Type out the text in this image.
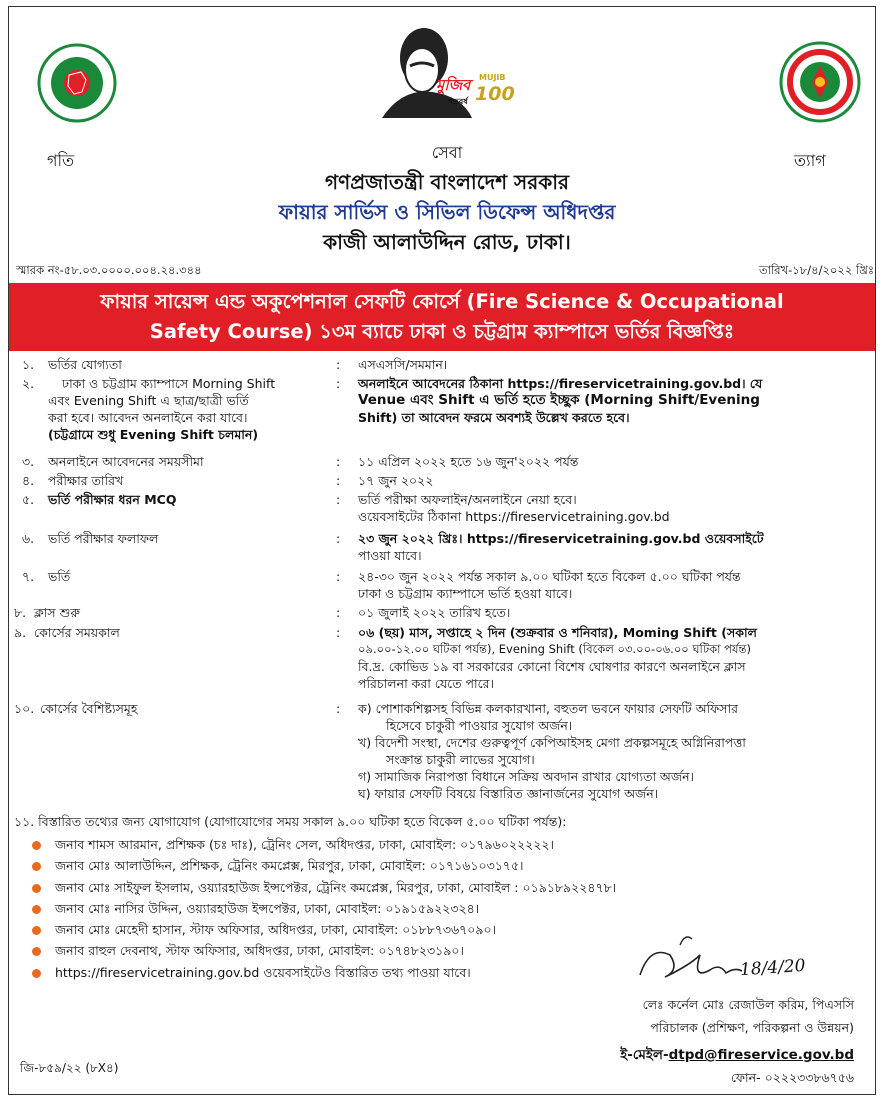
গতি
মুজিব
শতবর্ষ
MUJIB
100
সেবা	ত্যাগ
গণপ্রজাতন্ত্রী বাংলাদেশ সরকার
ফায়ার সার্ভিস ও সিভিল ডিফেন্স অধিদপ্তর
কাজী আলাউদ্দিন রোড, ঢাকা।
স্মারক নং-৫৮.০৩.০০০০.০০৪.২৪.৩৪৪	তারিখ-১৮/৪/২০২২ খ্রিঃ
ফায়ার সায়েন্স এন্ড অকুপেশনাল সেফটি কোর্সে (Fire Science & Occupational
Safety Course) ১৩ম ব্যাচে ঢাকা ও চট্টগ্রাম ক্যাম্পাসে ভর্তির বিজ্ঞপ্তিঃ
১.	ভর্তির যোগ্যতা	:	এসএসসি/সমমান।
২.	ঢাকা ও চট্টগ্রাম ক্যাম্পাসে Morning Shift
এবং Evening Shift এ ছাত্র/ছাত্রী ভর্তি
করা হবে। আবেদন অনলাইনে করা যাবে।
(চট্টগ্রামে শুধু Evening Shift চলমান)
:	অনলাইনে আবেদনের ঠিকানা https://fireservicetraining.gov.bd। যে
Venue এবং Shift এ ভর্তি হতে ইচ্ছুক (Morning Shift/Evening
Shift) তা আবেদন ফরমে অবশ্যই উল্লেখ করতে হবে।
৩.	অনলাইনে আবেদনের সময়সীমা	:	১১ এপ্রিল ২০২২ হতে ১৬ জুন'২০২২ পর্যন্ত
৪.	পরীক্ষার তারিখ	:	১৭ জুন ২০২২
৫.	ভর্তি পরীক্ষার ধরন MCQ	:	ভর্তি পরীক্ষা অফলাইন/অনলাইনে নেয়া হবে।
ওয়েবসাইটের ঠিকানা https://fireservicetraining.gov.bd
৬.	ভর্তি পরীক্ষার ফলাফল	:	২৩ জুন ২০২২ খ্রিঃ। https://fireservicetraining.gov.bd ওয়েবসাইটে
পাওয়া যাবে।
৭.	ভর্তি	:	২৪-৩০ জুন ২০২২ পর্যন্ত সকাল ৯.০০ ঘটিকা হতে বিকেল ৫.০০ ঘটিকা পর্যন্ত
ঢাকা ও চট্টগ্রাম ক্যাম্পাসে ভর্তি হওয়া যাবে।
৮. ক্লাস শুরু	:	০১ জুলাই ২০২২ তারিখ হতে।
৯. কোর্সের সময়কাল	:	০৬ (ছয়) মাস, সপ্তাহে ২ দিন (শুক্রবার ও শনিবার), Moming Shift (সকাল
০৯.০০-১২.০০ ঘটিকা পর্যন্ত), Evening Shift (বিকেল ০৩.০০-০৬.০০ ঘটিকা পর্যন্ত)
বি.দ্র. কোভিড ১৯ বা সরকারের কোনো বিশেষ ঘোষণার কারণে অনলাইনে ক্লাস
পরিচালনা করা যেতে পারে।
১০. কোর্সের বৈশিষ্ট্যসমূহ	:	ক) পোশাকশিল্পসহ বিভিন্ন কলকারখানা, বহুতল ভবনে ফায়ার সেফটি অফিসার
হিসেবে চাকুরী পাওয়ার সুযোগ অর্জন।
খ) বিদেশী সংস্থা, দেশের গুরুত্বপূর্ণ কেপিআইসহ মেগা প্রকল্পসমূহে অগ্নিনিরাপত্তা
সংক্রান্ত চাকুরী লাভের সুযোগ।
গ) সামাজিক নিরাপত্তা বিধানে সক্রিয় অবদান রাখার যোগ্যতা অর্জন।
ঘ) ফায়ার সেফটি বিষয়ে বিস্তারিত জ্ঞানার্জনের সুযোগ অর্জন।
১১. বিস্তারিত তথ্যের জন্য যোগাযোগ (যোগাযোগের সময় সকাল ৯.০০ ঘটিকা হতে বিকেল ৫.০০ ঘটিকা পর্যন্ত):
জনাব শামস আরমান, প্রশিক্ষক (চঃ দাঃ), ট্রেনিং সেল, অধিদপ্তর, ঢাকা, মোবাইল: ০১৭৯৬০২২২২২।
জনাব মোঃ আলাউদ্দিন, প্রশিক্ষক, ট্রেনিং কমপ্লেক্স, মিরপুর, ঢাকা, মোবাইল: ০১৭১৬১০৩১৭৫।
জনাব মোঃ সাইফুল ইসলাম, ওয়্যারহাউজ ইন্সপেক্টর, ট্রেনিং কমপ্লেক্স, মিরপুর, ঢাকা, মোবাইল : ০১৯১৮৯২২৪৭৮।
জনাব মোঃ নাসির উদ্দিন, ওয়্যারহাউজ ইন্সপেক্টর, ঢাকা, মোবাইল: ০১৯১৫৯২২৩২৪।
জনাব মোঃ মেহেদী হাসান, স্টাফ অফিসার, অধিদপ্তর, ঢাকা, মোবাইল: ০১৮৮৭৩৬৭০৯০।
জনাব রাহুল দেবনাথ, স্টাফ অফিসার, অধিদপ্তর, ঢাকা, মোবাইল: ০১৭৪৮২৩১৯০।
https://fireservicetraining.gov.bd ওয়েবসাইটেও বিস্তারিত তথ্য পাওয়া যাবে।	18/4/20
লেঃ কর্নেল মোঃ রেজাউল করিম, পিএসসি
পরিচালক (প্রশিক্ষণ, পরিকল্পনা ও উন্নয়ন)
ই-মেইল-dtpd@fireservice.gov.bd
ফোন- ০২২২৩৩৮৬৭৫৬
জি-৮৫৯/২২ (৮X৪)
